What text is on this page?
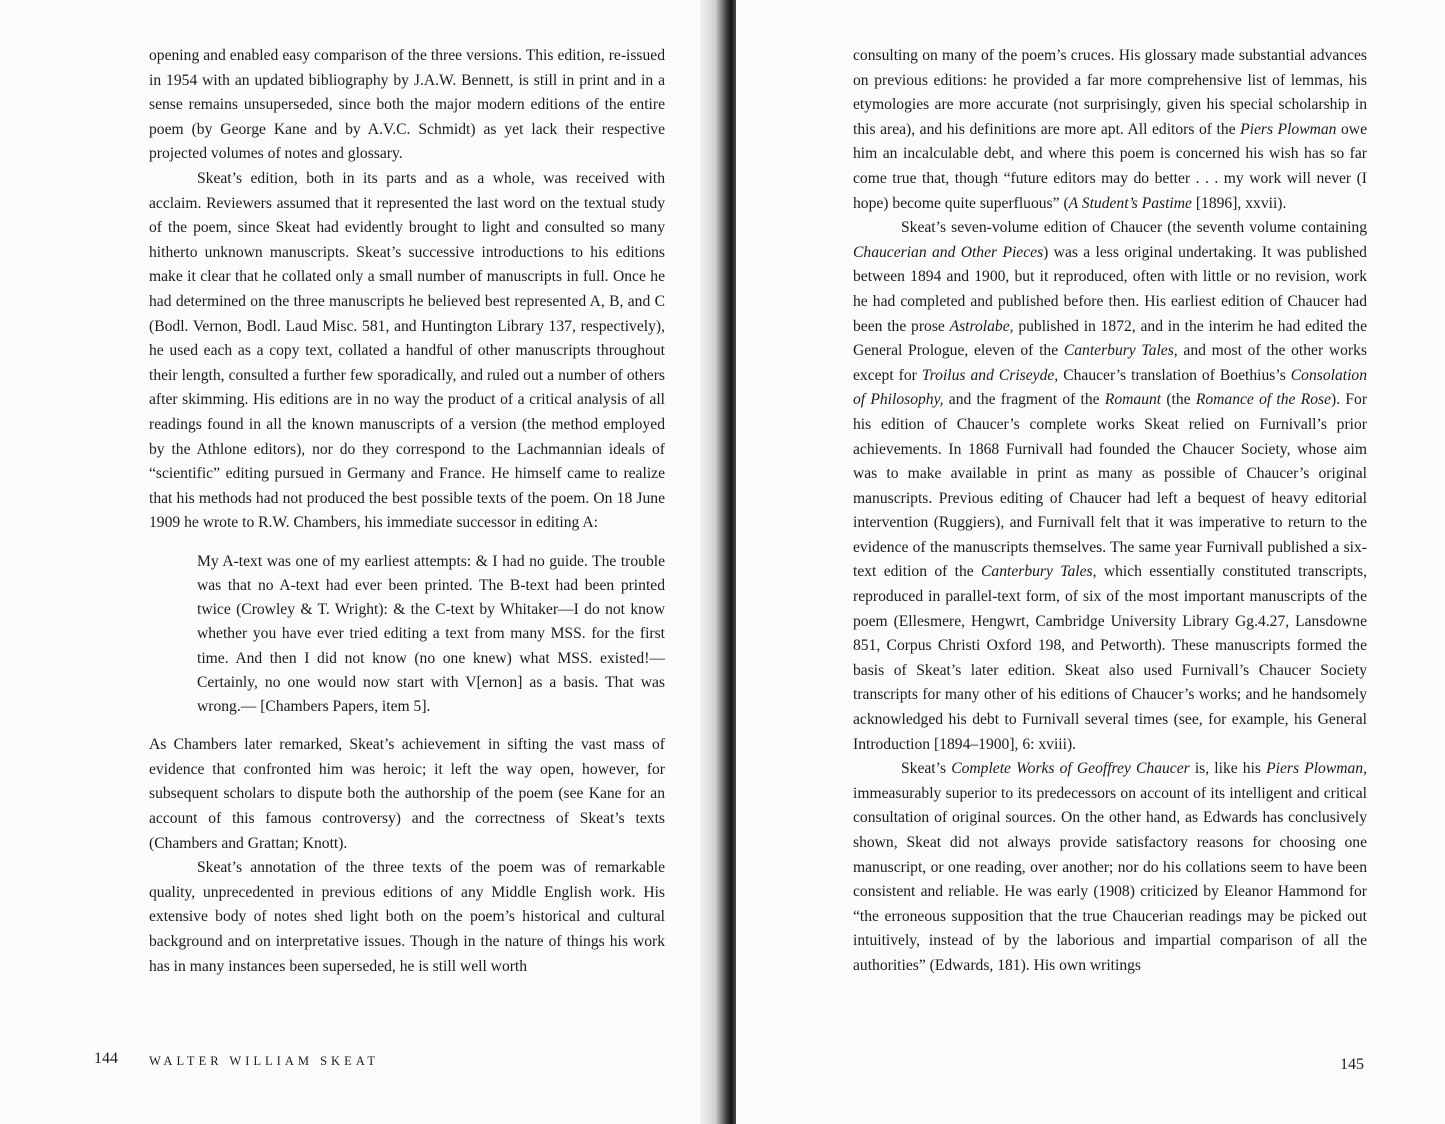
opening and enabled easy comparison of the three versions. This edition, re-issued in 1954 with an updated bibliography by J.A.W. Bennett, is still in print and in a sense remains unsuperseded, since both the major modern editions of the entire poem (by George Kane and by A.V.C. Schmidt) as yet lack their respective projected volumes of notes and glossary.

Skeat’s edition, both in its parts and as a whole, was received with acclaim. Reviewers assumed that it represented the last word on the textual study of the poem, since Skeat had evidently brought to light and consulted so many hitherto unknown manuscripts. Skeat’s successive introductions to his editions make it clear that he collated only a small number of manuscripts in full. Once he had determined on the three manuscripts he believed best represented A, B, and C (Bodl. Vernon, Bodl. Laud Misc. 581, and Huntington Library 137, respectively), he used each as a copy text, collated a handful of other manuscripts throughout their length, consulted a further few sporadically, and ruled out a number of others after skimming. His editions are in no way the product of a critical analysis of all readings found in all the known manuscripts of a version (the method employed by the Athlone editors), nor do they correspond to the Lachmannian ideals of “scientific” editing pursued in Germany and France. He himself came to realize that his methods had not produced the best possible texts of the poem. On 18 June 1909 he wrote to R.W. Chambers, his immediate successor in editing A:

My A-text was one of my earliest attempts: & I had no guide. The trouble was that no A-text had ever been printed. The B-text had been printed twice (Crowley & T. Wright): & the C-text by Whitaker—I do not know whether you have ever tried editing a text from many MSS. for the first time. And then I did not know (no one knew) what MSS. existed!—Certainly, no one would now start with V[ernon] as a basis. That was wrong.— [Chambers Papers, item 5].

As Chambers later remarked, Skeat’s achievement in sifting the vast mass of evidence that confronted him was heroic; it left the way open, however, for subsequent scholars to dispute both the authorship of the poem (see Kane for an account of this famous controversy) and the correctness of Skeat’s texts (Chambers and Grattan; Knott).

Skeat’s annotation of the three texts of the poem was of remarkable quality, unprecedented in previous editions of any Middle English work. His extensive body of notes shed light both on the poem’s historical and cultural background and on interpretative issues. Though in the nature of things his work has in many instances been superseded, he is still well worth

144 WALTER WILLIAM SKEAT

consulting on many of the poem’s cruces. His glossary made substantial advances on previous editions: he provided a far more comprehensive list of lemmas, his etymologies are more accurate (not surprisingly, given his special scholarship in this area), and his definitions are more apt. All editors of the Piers Plowman owe him an incalculable debt, and where this poem is concerned his wish has so far come true that, though “future editors may do better . . . my work will never (I hope) become quite superfluous” (A Student’s Pastime [1896], xxvii).

Skeat’s seven-volume edition of Chaucer (the seventh volume containing Chaucerian and Other Pieces) was a less original undertaking. It was published between 1894 and 1900, but it reproduced, often with little or no revision, work he had completed and published before then. His earliest edition of Chaucer had been the prose Astrolabe, published in 1872, and in the interim he had edited the General Prologue, eleven of the Canterbury Tales, and most of the other works except for Troilus and Criseyde, Chaucer’s translation of Boethius’s Consolation of Philosophy, and the fragment of the Romaunt (the Romance of the Rose). For his edition of Chaucer’s complete works Skeat relied on Furnivall’s prior achievements. In 1868 Furnivall had founded the Chaucer Society, whose aim was to make available in print as many as possible of Chaucer’s original manuscripts. Previous editing of Chaucer had left a bequest of heavy editorial intervention (Ruggiers), and Furnivall felt that it was imperative to return to the evidence of the manuscripts themselves. The same year Furnivall published a six-text edition of the Canterbury Tales, which essentially constituted transcripts, reproduced in parallel-text form, of six of the most important manuscripts of the poem (Ellesmere, Hengwrt, Cambridge University Library Gg.4.27, Lansdowne 851, Corpus Christi Oxford 198, and Petworth). These manuscripts formed the basis of Skeat’s later edition. Skeat also used Furnivall’s Chaucer Society transcripts for many other of his editions of Chaucer’s works; and he handsomely acknowledged his debt to Furnivall several times (see, for example, his General Introduction [1894–1900], 6: xviii).

Skeat’s Complete Works of Geoffrey Chaucer is, like his Piers Plowman, immeasurably superior to its predecessors on account of its intelligent and critical consultation of original sources. On the other hand, as Edwards has conclusively shown, Skeat did not always provide satisfactory reasons for choosing one manuscript, or one reading, over another; nor do his collations seem to have been consistent and reliable. He was early (1908) criticized by Eleanor Hammond for “the erroneous supposition that the true Chaucerian readings may be picked out intuitively, instead of by the laborious and impartial comparison of all the authorities” (Edwards, 181). His own writings

145
